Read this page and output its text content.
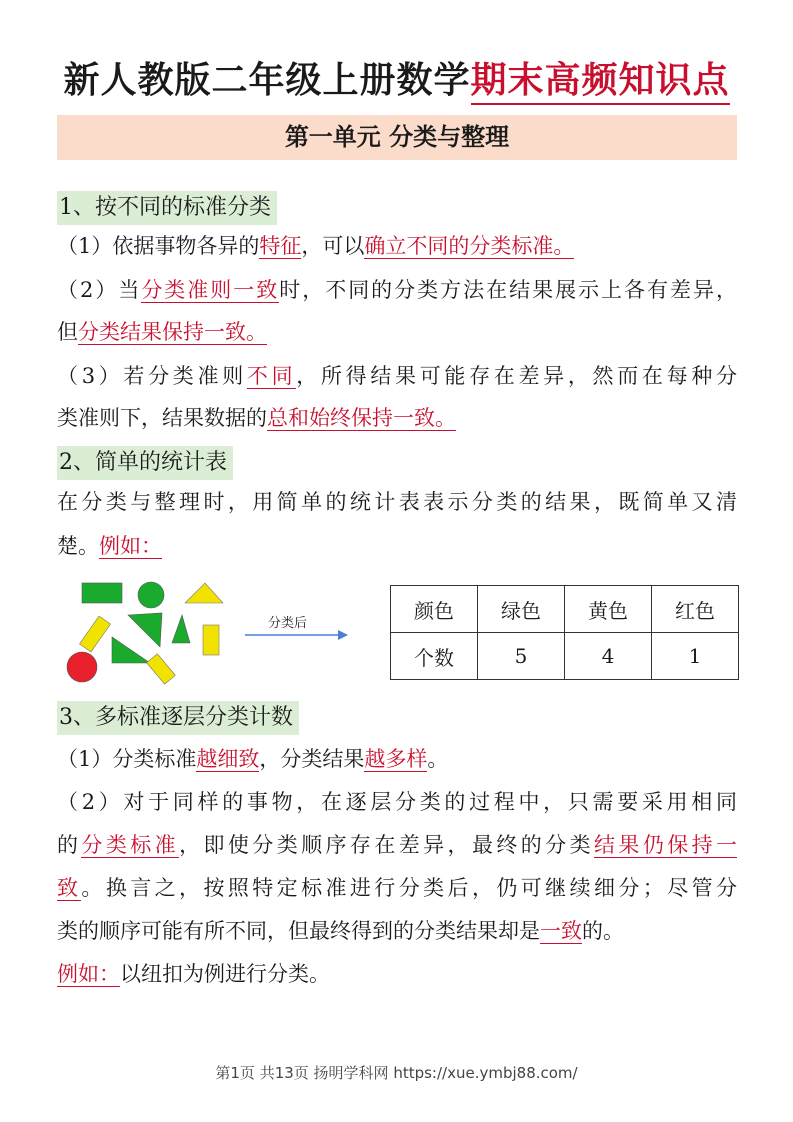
新人教版二年级上册数学期末高频知识点
第一单元 分类与整理
1、按不同的标准分类
（1）依据事物各异的特征，可以确立不同的分类标准。
（2）当分类准则一致时，不同的分类方法在结果展示上各有差异，
但分类结果保持一致。
（3）若分类准则不同，所得结果可能存在差异，然而在每种分
类准则下，结果数据的总和始终保持一致。
2、简单的统计表
在分类与整理时，用简单的统计表表示分类的结果，既简单又清
楚。例如：
分类后
颜色	绿色	黄色	红色
个数	5	4	1
3、多标准逐层分类计数
（1）分类标准越细致，分类结果越多样。
（2）对于同样的事物，在逐层分类的过程中，只需要采用相同
的分类标准，即使分类顺序存在差异，最终的分类结果仍保持一
致。换言之，按照特定标准进行分类后，仍可继续细分；尽管分
类的顺序可能有所不同，但最终得到的分类结果却是一致的。
例如：以纽扣为例进行分类。
第1页 共13页 扬明学科网 https://xue.ymbj88.com/
